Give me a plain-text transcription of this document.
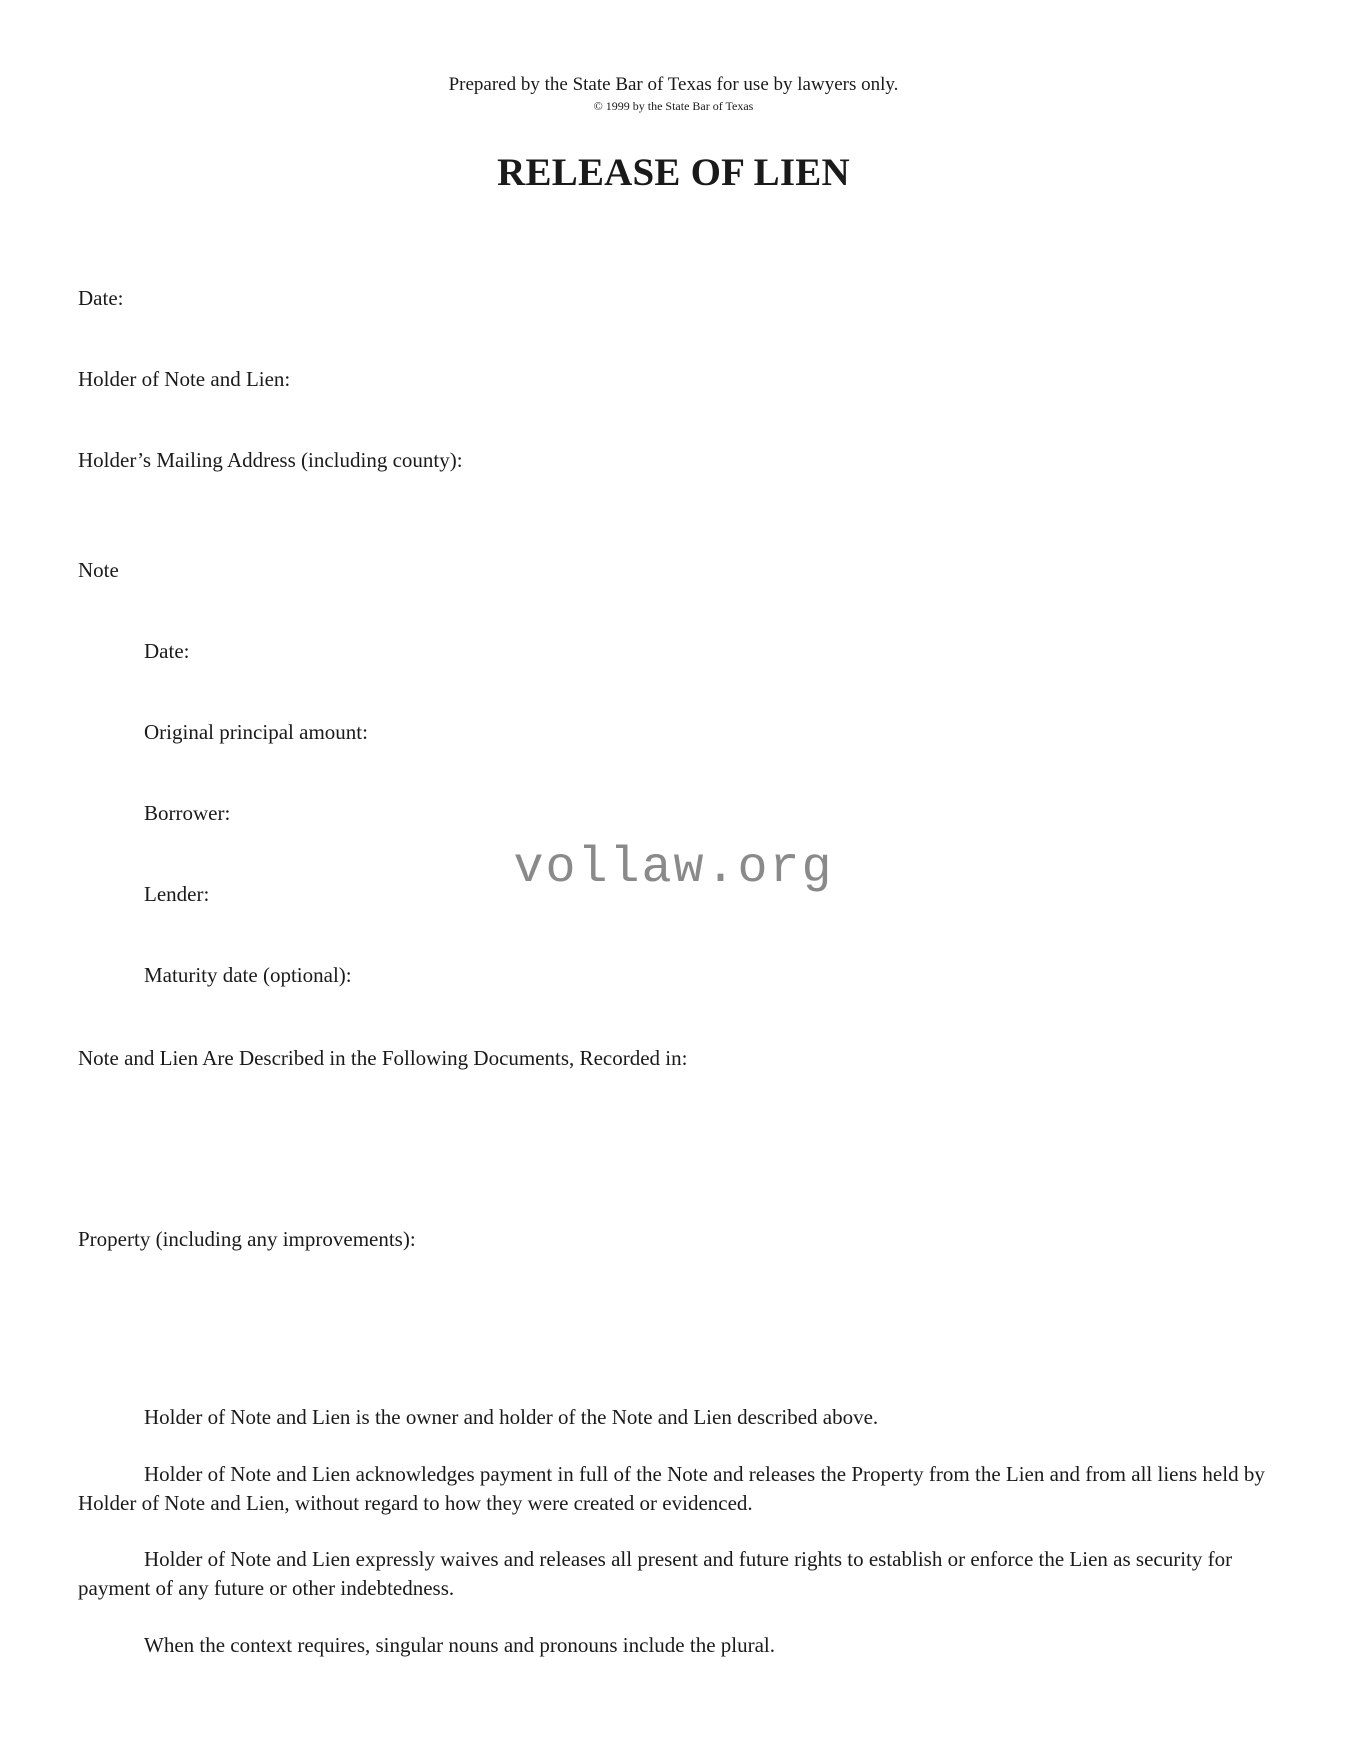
Prepared by the State Bar of Texas for use by lawyers only.
© 1999 by the State Bar of Texas
RELEASE OF LIEN
Date:
Holder of Note and Lien:
Holder’s Mailing Address (including county):
Note
Date:
Original principal amount:
Borrower:
Lender:
Maturity date (optional):
Note and Lien Are Described in the Following Documents, Recorded in:
Property (including any improvements):
Holder of Note and Lien is the owner and holder of the Note and Lien described above.
Holder of Note and Lien acknowledges payment in full of the Note and releases the Property from the Lien and from all liens held by Holder of Note and Lien, without regard to how they were created or evidenced.
Holder of Note and Lien expressly waives and releases all present and future rights to establish or enforce the Lien as security for payment of any future or other indebtedness.
When the context requires, singular nouns and pronouns include the plural.
vollaw.org
